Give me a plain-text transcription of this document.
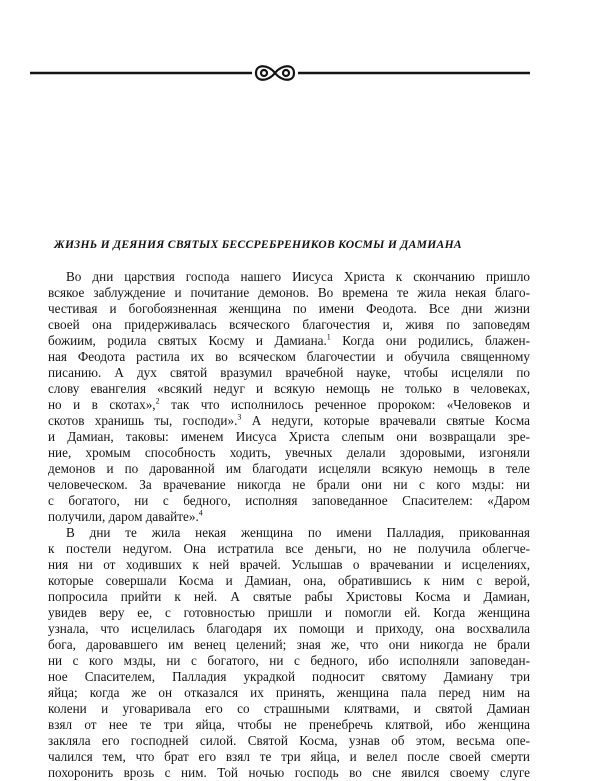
ЖИЗНЬ И ДЕЯНИЯ СВЯТЫХ БЕССРЕБРЕНИКОВ КОСМЫ И ДАМИАНА

Во дни царствия господа нашего Иисуса Христа к скончанию пришло

всякое заблуждение и почитание демонов. Во времена те жила некая благо-

честивая и богобоязненная женщина по имени Феодота. Все дни жизни

своей она придерживалась всяческого благочестия и, живя по заповедям

божиим, родила святых Косму и Дамиана.$^1$ Когда они родились, блажен-

ная Феодота растила их во всяческом благочестии и обучила священному

писанию. А дух святой вразумил врачебной науке, чтобы исцеляли по

слову евангелия «всякий недуг и всякую немощь не только в человеках,

но и в скотах»,$^2$ так что исполнилось реченное пророком: «Человеков и

скотов хранишь ты, господи».$^3$ А недуги, которые врачевали святые Косма

и Дамиан, таковы: именем Иисуса Христа слепым они возвращали зре-

ние, хромым способность ходить, увечных делали здоровыми, изгоняли

демонов и по дарованной им благодати исцеляли всякую немощь в теле

человеческом. За врачевание никогда не брали они ни с кого мзды: ни

с богатого, ни с бедного, исполняя заповеданное Спасителем: «Даром

получили, даром давайте».$^4$

В дни те жила некая женщина по имени Палладия, прикованная

к постели недугом. Она истратила все деньги, но не получила облегче-

ния ни от ходивших к ней врачей. Услышав о врачевании и исцелениях,

которые совершали Косма и Дамиан, она, обратившись к ним с верой,

попросила прийти к ней. А святые рабы Христовы Косма и Дамиан,

увидев веру ее, с готовностью пришли и помогли ей. Когда женщина

узнала, что исцелилась благодаря их помощи и приходу, она восхвалила

бога, даровавшего им венец целений; зная же, что они никогда не брали

ни с кого мзды, ни с богатого, ни с бедного, ибо исполняли заповедан-

ное Спасителем, Палладия украдкой подносит святому Дамиану три

яйца; когда же он отказался их принять, женщина пала перед ним на

колени и уговаривала его со страшными клятвами, и святой Дамиан

взял от нее те три яйца, чтобы не пренебречь клятвой, ибо женщина

закляла его господней силой. Святой Косма, узнав об этом, весьма опе-

чалился тем, что брат его взял те три яйца, и велел после своей смерти

похоронить врозь с ним. Той ночью господь во сне явился своему слуге
